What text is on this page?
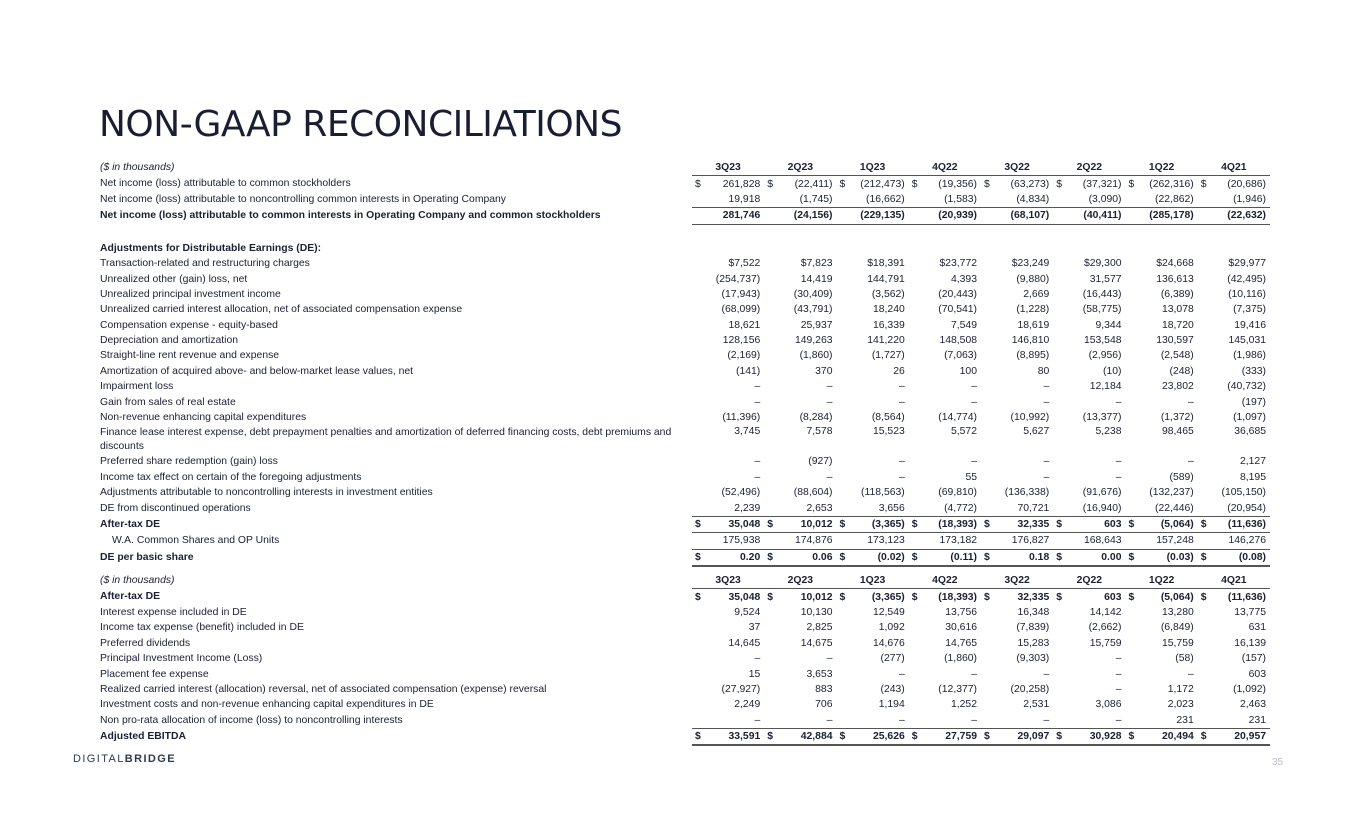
NON-GAAP RECONCILIATIONS
($ in thousands)	3Q23	2Q23	1Q23	4Q22	3Q22	2Q22	1Q22	4Q21
Net income (loss) attributable to common stockholders	$ 261,828	$ (22,411)	$ (212,473)	$ (19,356)	$ (63,273)	$ (37,321)	$ (262,316)	$ (20,686)
Net income (loss) attributable to noncontrolling common interests in Operating Company	19,918	(1,745)	(16,662)	(1,583)	(4,834)	(3,090)	(22,862)	(1,946)
Net income (loss) attributable to common interests in Operating Company and common stockholders	281,746	(24,156)	(229,135)	(20,939)	(68,107)	(40,411)	(285,178)	(22,632)

Adjustments for Distributable Earnings (DE):								
Transaction-related and restructuring charges	$7,522	$7,823	$18,391	$23,772	$23,249	$29,300	$24,668	$29,977
Unrealized other (gain) loss, net	(254,737)	14,419	144,791	4,393	(9,880)	31,577	136,613	(42,495)
Unrealized principal investment income	(17,943)	(30,409)	(3,562)	(20,443)	2,669	(16,443)	(6,389)	(10,116)
Unrealized carried interest allocation, net of associated compensation expense	(68,099)	(43,791)	18,240	(70,541)	(1,228)	(58,775)	13,078	(7,375)
Compensation expense - equity-based	18,621	25,937	16,339	7,549	18,619	9,344	18,720	19,416
Depreciation and amortization	128,156	149,263	141,220	148,508	146,810	153,548	130,597	145,031
Straight-line rent revenue and expense	(2,169)	(1,860)	(1,727)	(7,063)	(8,895)	(2,956)	(2,548)	(1,986)
Amortization of acquired above- and below-market lease values, net	(141)	370	26	100	80	(10)	(248)	(333)
Impairment loss	–	–	–	–	–	12,184	23,802	(40,732)
Gain from sales of real estate	–	–	–	–	–	–	–	(197)
Non-revenue enhancing capital expenditures	(11,396)	(8,284)	(8,564)	(14,774)	(10,992)	(13,377)	(1,372)	(1,097)
Finance lease interest expense, debt prepayment penalties and amortization of deferred financing costs, debt premiums and discounts	3,745	7,578	15,523	5,572	5,627	5,238	98,465	36,685
Preferred share redemption (gain) loss	–	(927)	–	–	–	–	–	2,127
Income tax effect on certain of the foregoing adjustments	–	–	–	55	–	–	(589)	8,195
Adjustments attributable to noncontrolling interests in investment entities	(52,496)	(88,604)	(118,563)	(69,810)	(136,338)	(91,676)	(132,237)	(105,150)
DE from discontinued operations	2,239	2,653	3,656	(4,772)	70,721	(16,940)	(22,446)	(20,954)
After-tax DE	$ 35,048	$ 10,012	$ (3,365)	$ (18,393)	$ 32,335	$ 603	$ (5,064)	$ (11,636)
W.A. Common Shares and OP Units	175,938	174,876	173,123	173,182	176,827	168,643	157,248	146,276
DE per basic share	$ 0.20	$ 0.06	$ (0.02)	$ (0.11)	$ 0.18	$ 0.00	$ (0.03)	$ (0.08)
($ in thousands)	3Q23	2Q23	1Q23	4Q22	3Q22	2Q22	1Q22	4Q21
After-tax DE	$ 35,048	$ 10,012	$ (3,365)	$ (18,393)	$ 32,335	$ 603	$ (5,064)	$ (11,636)
Interest expense included in DE	9,524	10,130	12,549	13,756	16,348	14,142	13,280	13,775
Income tax expense (benefit) included in DE	37	2,825	1,092	30,616	(7,839)	(2,662)	(6,849)	631
Preferred dividends	14,645	14,675	14,676	14,765	15,283	15,759	15,759	16,139
Principal Investment Income (Loss)	–	–	(277)	(1,860)	(9,303)	–	(58)	(157)
Placement fee expense	15	3,653	–	–	–	–	–	603
Realized carried interest (allocation) reversal, net of associated compensation (expense) reversal	(27,927)	883	(243)	(12,377)	(20,258)	–	1,172	(1,092)
Investment costs and non-revenue enhancing capital expenditures in DE	2,249	706	1,194	1,252	2,531	3,086	2,023	2,463
Non pro-rata allocation of income (loss) to noncontrolling interests	–	–	–	–	–	–	231	231
Adjusted EBITDA	$ 33,591	$ 42,884	$ 25,626	$ 27,759	$ 29,097	$ 30,928	$ 20,494	$ 20,957
DIGITALBRIDGE	35
